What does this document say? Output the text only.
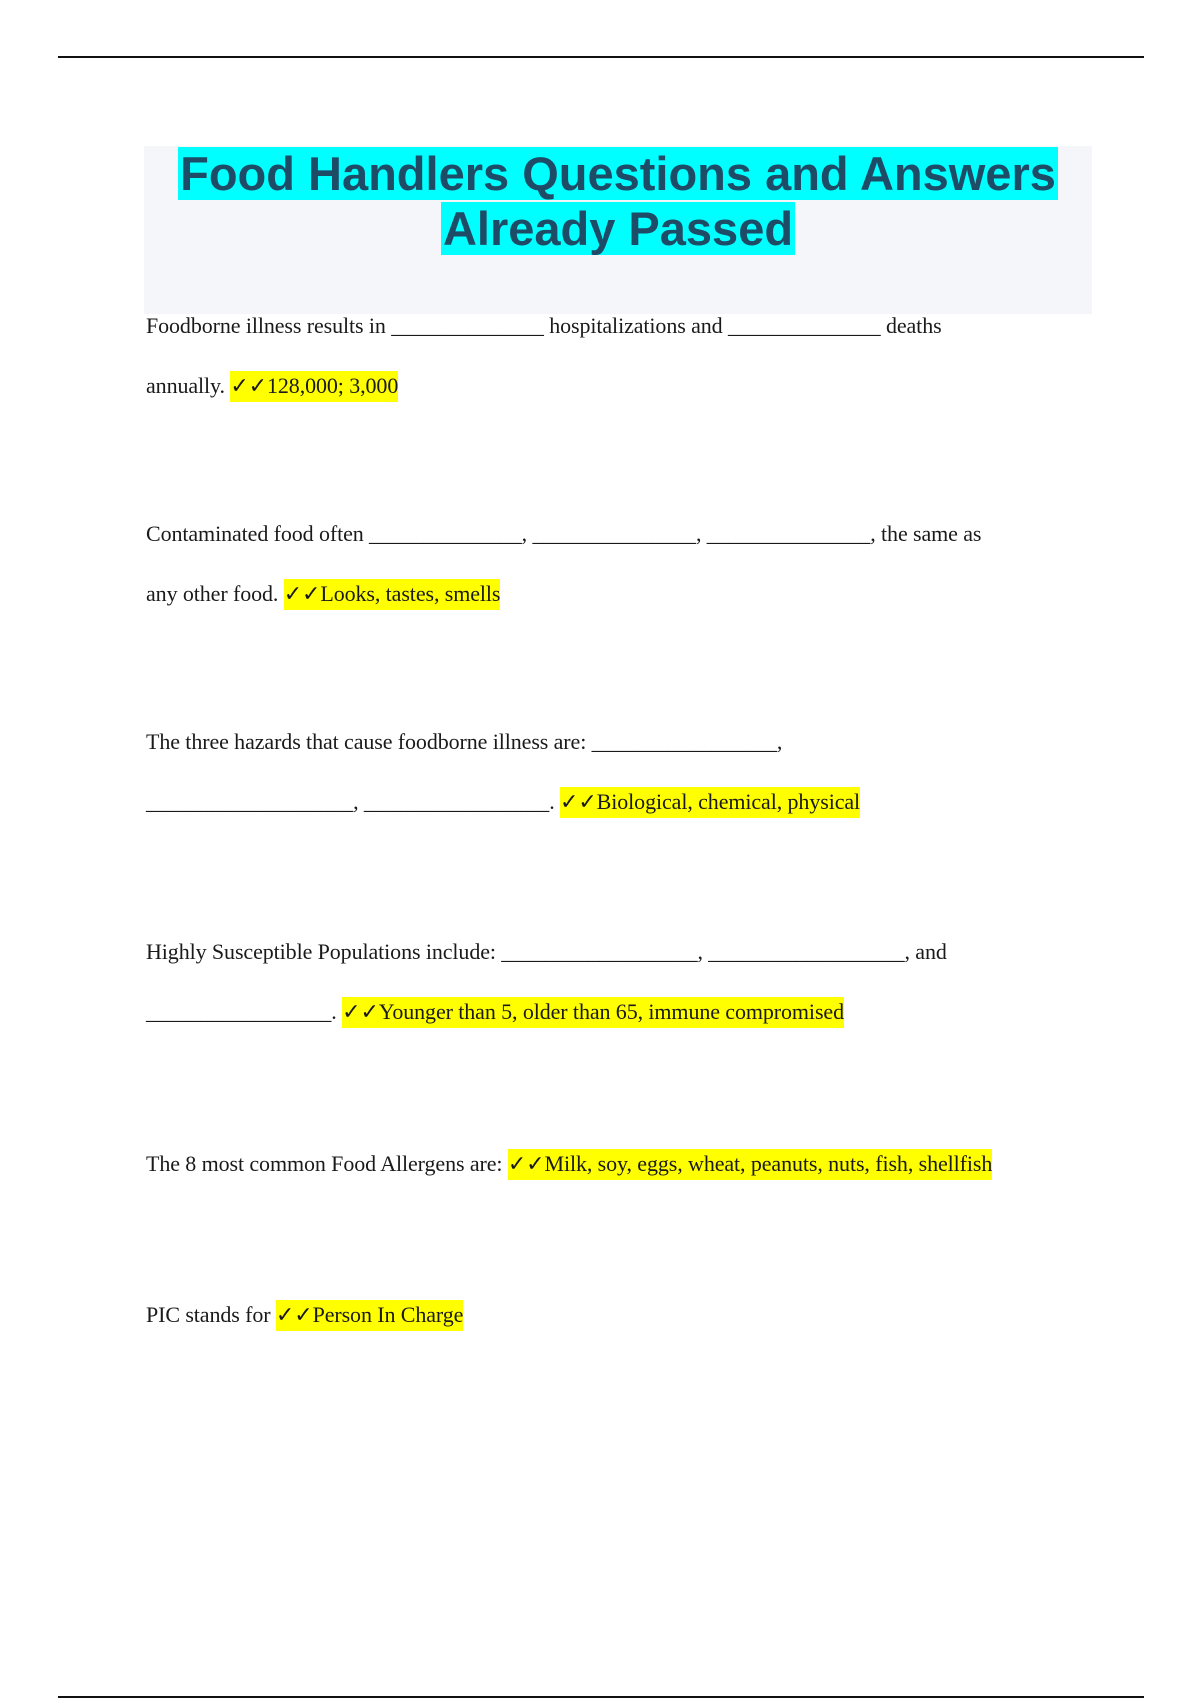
Food Handlers Questions and Answers
Already Passed

Foodborne illness results in ______________ hospitalizations and ______________ deaths
annually. ✓✓128,000; 3,000

Contaminated food often ______________, _______________, _______________, the same as
any other food. ✓✓Looks, tastes, smells

The three hazards that cause foodborne illness are: _________________,
___________________, _________________. ✓✓Biological, chemical, physical

Highly Susceptible Populations include: __________________, __________________, and
_________________. ✓✓Younger than 5, older than 65, immune compromised

The 8 most common Food Allergens are: ✓✓Milk, soy, eggs, wheat, peanuts, nuts, fish, shellfish

PIC stands for ✓✓Person In Charge
